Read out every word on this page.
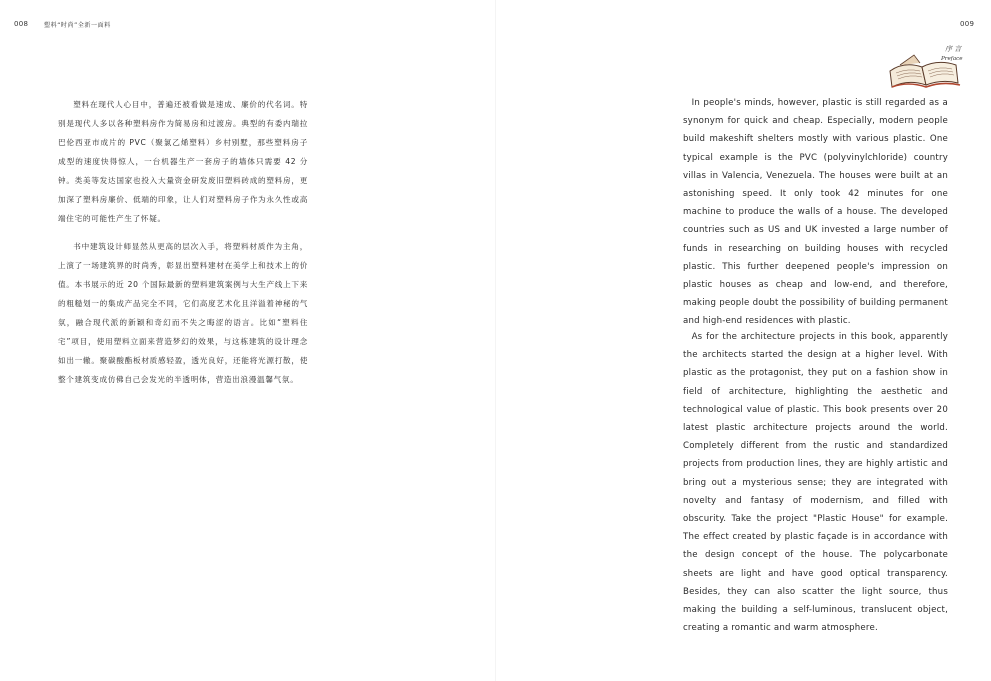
008	塑料“时尚”全新一面料	009

塑料在现代人心目中，普遍还被看做是速成、廉价的代名词。特别是现代人多以各种塑料房作为简易房和过渡房。典型的有委内瑞拉巴伦西亚市成片的 PVC（聚氯乙烯塑料）乡村别墅，那些塑料房子成型的速度快得惊人，一台机器生产一套房子的墙体只需要 42 分钟。类美等发达国家也投入大量资金研发废旧塑料砖成的塑料房，更加深了塑料房廉价、低端的印象，让人们对塑料房子作为永久性或高端住宅的可能性产生了怀疑。

书中建筑设计师显然从更高的层次入手，将塑料材质作为主角，上演了一场建筑界的时尚秀，彰显出塑料建材在美学上和技术上的价值。本书展示的近 20 个国际最新的塑料建筑案例与大生产线上下来的粗糙划一的集成产品完全不同，它们高度艺术化且洋溢着神秘的气氛，融合现代派的新颖和奇幻而不失之晦涩的语言。比如“塑料住宅”项目，使用塑料立面来营造梦幻的效果，与这栋建筑的设计理念如出一辙。聚碳酸酯板材质感轻盈，透光良好，还能将光源打散，使整个建筑变成仿佛自己会发光的半透明体，营造出浪漫温馨气氛。

In people's minds, however, plastic is still regarded as a synonym for quick and cheap. Especially, modern people build makeshift shelters mostly with various plastic. One typical example is the PVC (polyvinylchloride) country villas in Valencia, Venezuela. The houses were built at an astonishing speed. It only took 42 minutes for one machine to produce the walls of a house. The developed countries such as US and UK invested a large number of funds in researching on building houses with recycled plastic. This further deepened people's impression on plastic houses as cheap and low-end, and therefore, making people doubt the possibility of building permanent and high-end residences with plastic.

As for the architecture projects in this book, apparently the architects started the design at a higher level. With plastic as the protagonist, they put on a fashion show in field of architecture, highlighting the aesthetic and technological value of plastic. This book presents over 20 latest plastic architecture projects around the world. Completely different from the rustic and standardized projects from production lines, they are highly artistic and bring out a mysterious sense; they are integrated with novelty and fantasy of modernism, and filled with obscurity. Take the project "Plastic House" for example. The effect created by plastic façade is in accordance with the design concept of the house. The polycarbonate sheets are light and have good optical transparency. Besides, they can also scatter the light source, thus making the building a self-luminous, translucent object, creating a romantic and warm atmosphere.

序 言
Preface
